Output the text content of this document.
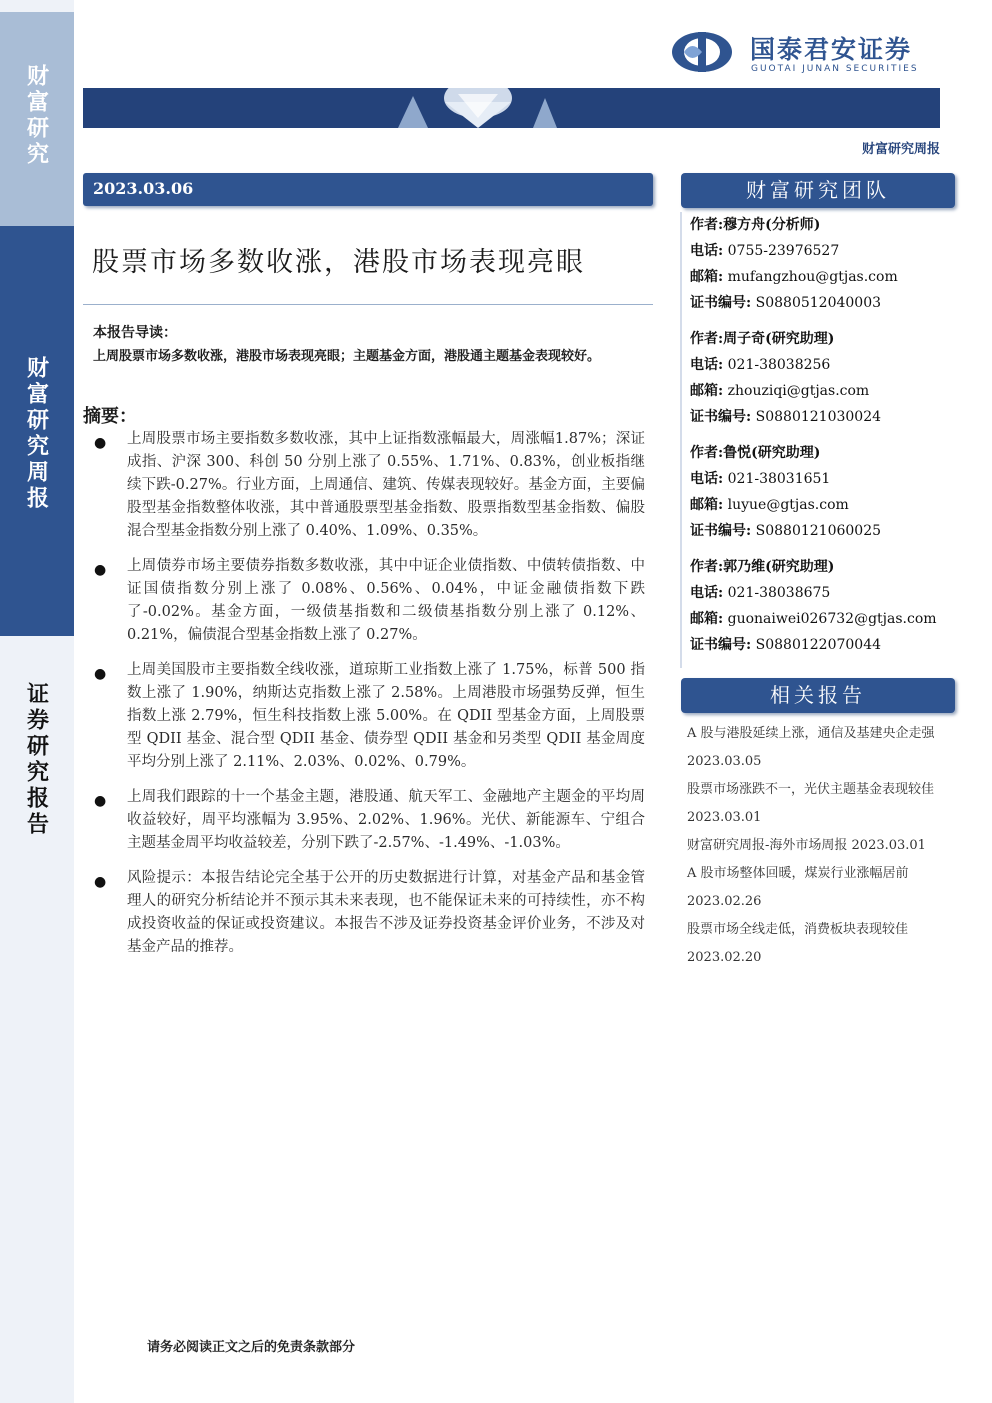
财富研究
财富研究周报
证券研究报告
国泰君安证券
GUOTAI JUNAN SECURITIES
财富研究周报
2023.03.06
股票市场多数收涨，港股市场表现亮眼
本报告导读：
上周股票市场多数收涨，港股市场表现亮眼；主题基金方面，港股通主题基金表现较好。
摘要：
● 上周股票市场主要指数多数收涨，其中上证指数涨幅最大，周涨幅1.87%；深证成指、沪深 300、科创 50 分别上涨了 0.55%、1.71%、0.83%，创业板指继续下跌-0.27%。行业方面，上周通信、建筑、传媒表现较好。基金方面，主要偏股型基金指数整体收涨，其中普通股票型基金指数、股票指数型基金指数、偏股混合型基金指数分别上涨了 0.40%、1.09%、0.35%。
● 上周债券市场主要债券指数多数收涨，其中中证企业债指数、中债转债指数、中证国债指数分别上涨了 0.08%、0.56%、0.04%，中证金融债指数下跌了-0.02%。基金方面，一级债基指数和二级债基指数分别上涨了 0.12%、0.21%，偏债混合型基金指数上涨了 0.27%。
● 上周美国股市主要指数全线收涨，道琼斯工业指数上涨了 1.75%，标普 500 指数上涨了 1.90%，纳斯达克指数上涨了 2.58%。上周港股市场强势反弹，恒生指数上涨 2.79%，恒生科技指数上涨 5.00%。在 QDII 型基金方面，上周股票型 QDII 基金、混合型 QDII 基金、债券型 QDII 基金和另类型 QDII 基金周度平均分别上涨了 2.11%、2.03%、0.02%、0.79%。
● 上周我们跟踪的十一个基金主题，港股通、航天军工、金融地产主题金的平均周收益较好，周平均涨幅为 3.95%、2.02%、1.96%。光伏、新能源车、宁组合主题基金周平均收益较差，分别下跌了-2.57%、-1.49%、-1.03%。
● 风险提示：本报告结论完全基于公开的历史数据进行计算，对基金产品和基金管理人的研究分析结论并不预示其未来表现，也不能保证未来的可持续性，亦不构成投资收益的保证或投资建议。本报告不涉及证券投资基金评价业务，不涉及对基金产品的推荐。
财富研究团队
作者:穆方舟(分析师)
电话: 0755-23976527
邮箱: mufangzhou@gtjas.com
证书编号: S0880512040003
作者:周子奇(研究助理)
电话: 021-38038256
邮箱: zhouziqi@gtjas.com
证书编号: S0880121030024
作者:鲁悦(研究助理)
电话: 021-38031651
邮箱: luyue@gtjas.com
证书编号: S0880121060025
作者:郭乃维(研究助理)
电话: 021-38038675
邮箱: guonaiwei026732@gtjas.com
证书编号: S0880122070044
相关报告
A 股与港股延续上涨，通信及基建央企走强 2023.03.05
股票市场涨跌不一，光伏主题基金表现较佳 2023.03.01
财富研究周报-海外市场周报 2023.03.01
A 股市场整体回暖，煤炭行业涨幅居前 2023.02.26
股票市场全线走低，消费板块表现较佳 2023.02.20
请务必阅读正文之后的免责条款部分
